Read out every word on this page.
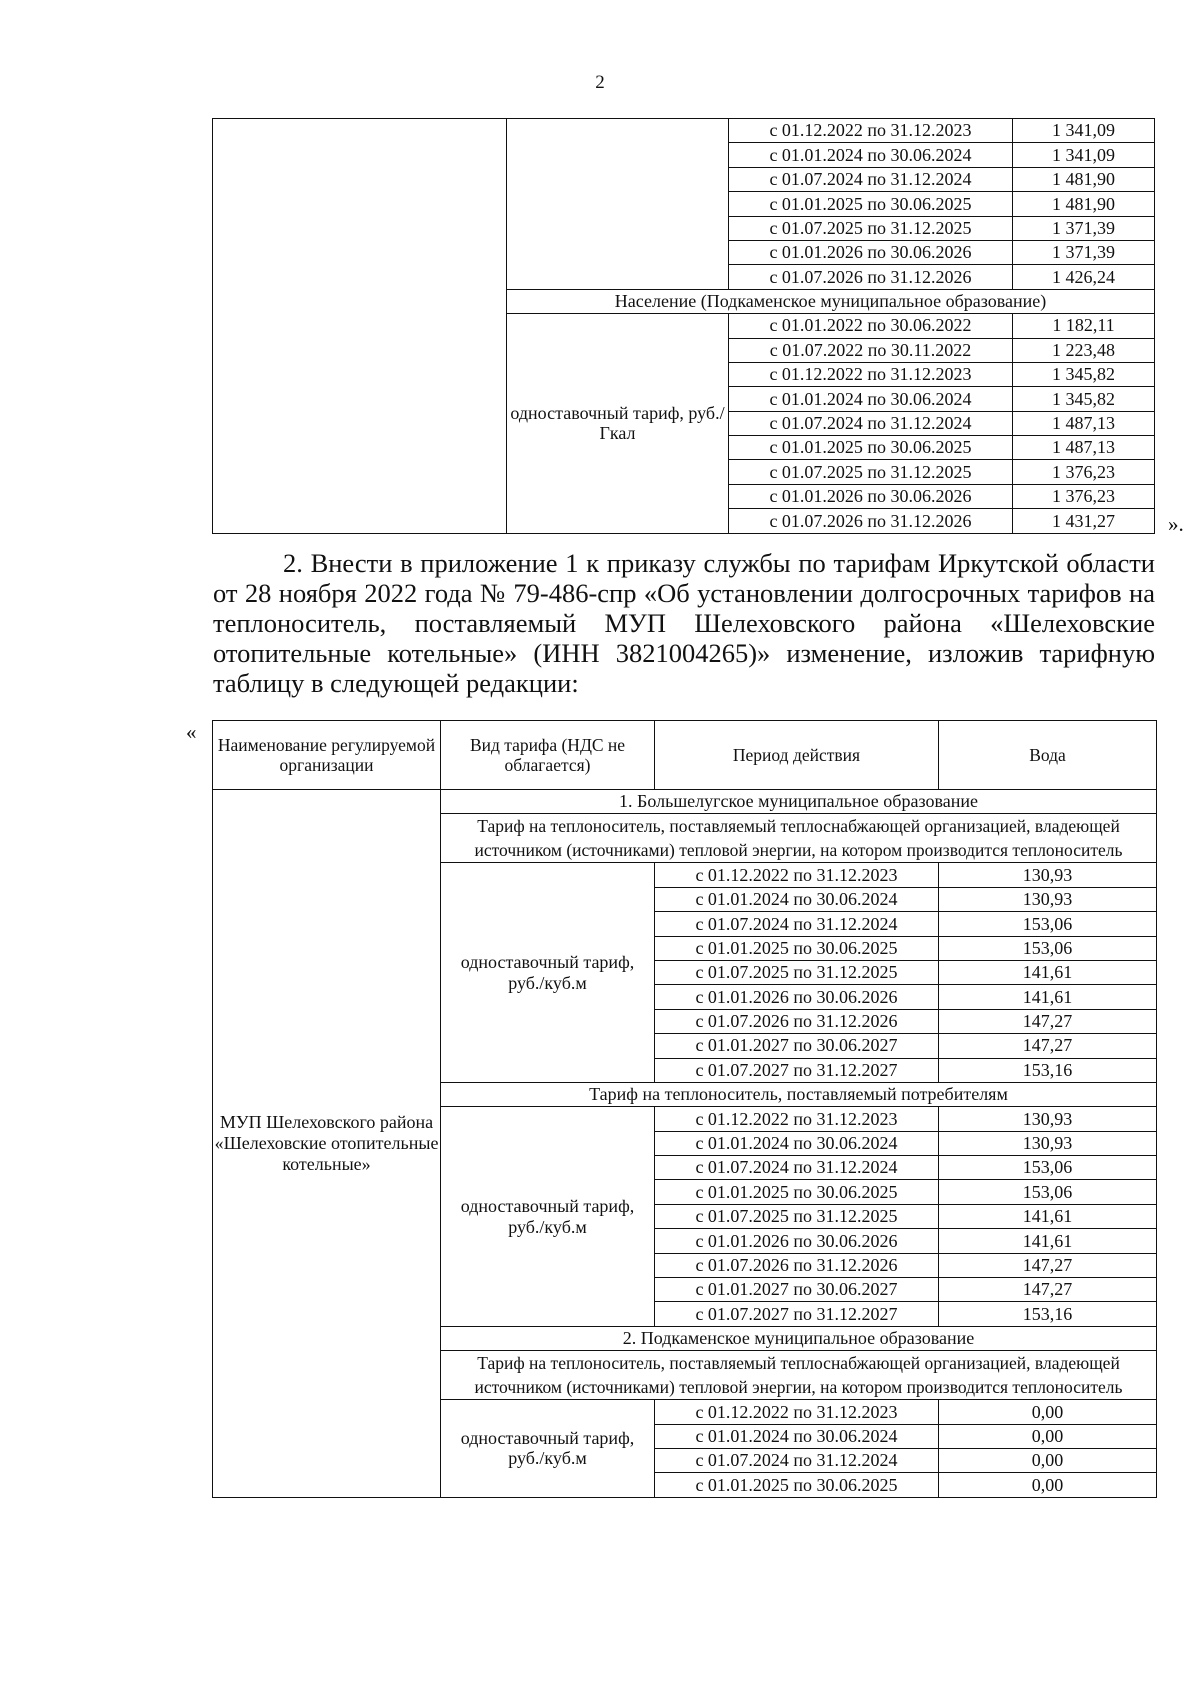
2
		с 01.12.2022 по 31.12.2023	1 341,09
		с 01.01.2024 по 30.06.2024	1 341,09
		с 01.07.2024 по 31.12.2024	1 481,90
		с 01.01.2025 по 30.06.2025	1 481,90
		с 01.07.2025 по 31.12.2025	1 371,39
		с 01.01.2026 по 30.06.2026	1 371,39
		с 01.07.2026 по 31.12.2026	1 426,24
	Население (Подкаменское муниципальное образование)		
	одноставочный тариф, руб./Гкал	с 01.01.2022 по 30.06.2022	1 182,11
		с 01.07.2022 по 30.11.2022	1 223,48
		с 01.12.2022 по 31.12.2023	1 345,82
		с 01.01.2024 по 30.06.2024	1 345,82
		с 01.07.2024 по 31.12.2024	1 487,13
		с 01.01.2025 по 30.06.2025	1 487,13
		с 01.07.2025 по 31.12.2025	1 376,23
		с 01.01.2026 по 30.06.2026	1 376,23
		с 01.07.2026 по 31.12.2026	1 431,27	».
2. Внести в приложение 1 к приказу службы по тарифам Иркутской области от 28 ноября 2022 года № 79-486-спр «Об установлении долгосрочных тарифов на теплоноситель, поставляемый МУП Шелеховского района «Шелеховские отопительные котельные» (ИНН 3821004265)» изменение, изложив тарифную таблицу в следующей редакции:
«
Наименование регулируемой организации	Вид тарифа (НДС не облагается)	Период действия	Вода
МУП Шелеховского района «Шелеховские отопительные котельные»	1. Большелугское муниципальное образование		
	Тариф на теплоноситель, поставляемый теплоснабжающей организацией, владеющей источником (источниками) тепловой энергии, на котором производится теплоноситель		
	одноставочный тариф, руб./куб.м	с 01.12.2022 по 31.12.2023	130,93
		с 01.01.2024 по 30.06.2024	130,93
		с 01.07.2024 по 31.12.2024	153,06
		с 01.01.2025 по 30.06.2025	153,06
		с 01.07.2025 по 31.12.2025	141,61
		с 01.01.2026 по 30.06.2026	141,61
		с 01.07.2026 по 31.12.2026	147,27
		с 01.01.2027 по 30.06.2027	147,27
		с 01.07.2027 по 31.12.2027	153,16
	Тариф на теплоноситель, поставляемый потребителям		
	одноставочный тариф, руб./куб.м	с 01.12.2022 по 31.12.2023	130,93
		с 01.01.2024 по 30.06.2024	130,93
		с 01.07.2024 по 31.12.2024	153,06
		с 01.01.2025 по 30.06.2025	153,06
		с 01.07.2025 по 31.12.2025	141,61
		с 01.01.2026 по 30.06.2026	141,61
		с 01.07.2026 по 31.12.2026	147,27
		с 01.01.2027 по 30.06.2027	147,27
		с 01.07.2027 по 31.12.2027	153,16
	2. Подкаменское муниципальное образование		
	Тариф на теплоноситель, поставляемый теплоснабжающей организацией, владеющей источником (источниками) тепловой энергии, на котором производится теплоноситель		
	одноставочный тариф, руб./куб.м	с 01.12.2022 по 31.12.2023	0,00
		с 01.01.2024 по 30.06.2024	0,00
		с 01.07.2024 по 31.12.2024	0,00
		с 01.01.2025 по 30.06.2025	0,00
